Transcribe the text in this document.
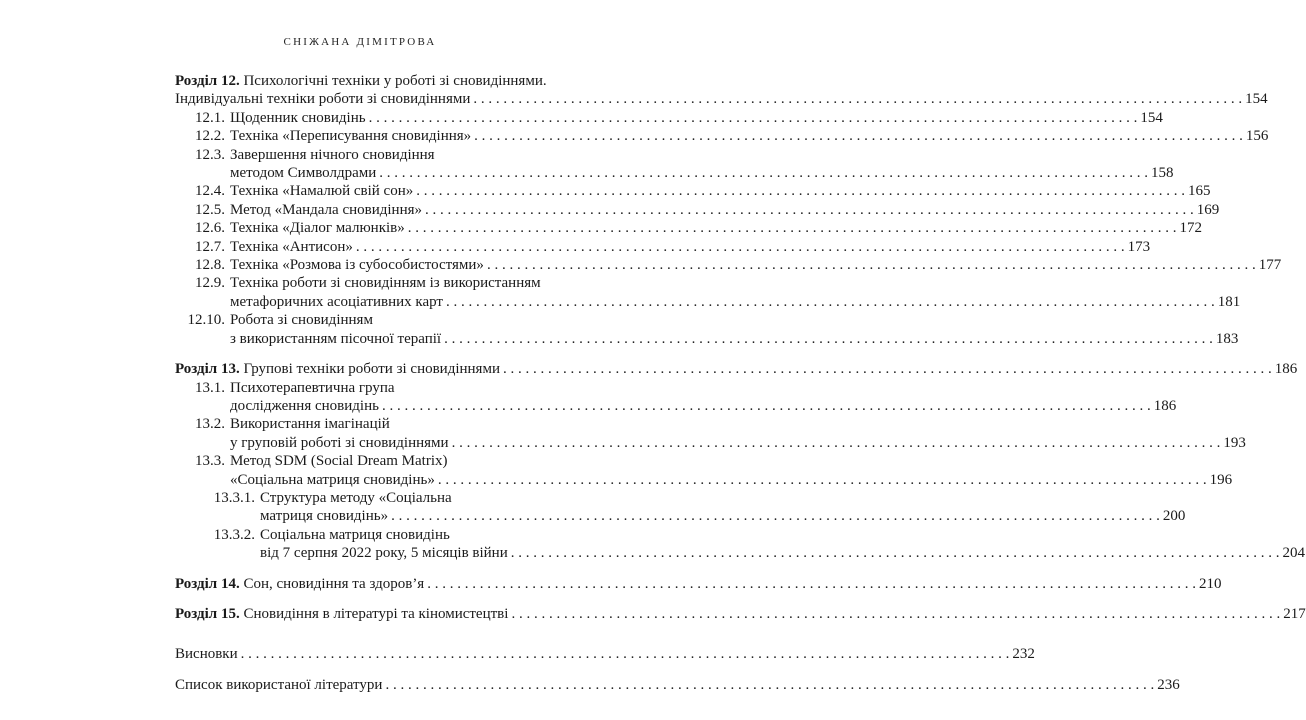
СНІЖАНА ДІМІТРОВА
Розділ 12. Психологічні техніки у роботі зі сновидіннями.
Індивідуальні техніки роботи зі сновидіннями . . .	154
12.1. Щоденник сновидінь . . .	154
12.2. Техніка «Переписування сновидіння» . . .	156
12.3. Завершення нічного сновидіння
методом Символдрами . . .	158
12.4. Техніка «Намалюй свій сон» . . .	165
12.5. Метод «Мандала сновидіння» . . .	169
12.6. Техніка «Діалог малюнків» . . .	172
12.7. Техніка «Антисон» . . .	173
12.8. Техніка «Розмова із субособистостями» . . .	177
12.9. Техніка роботи зі сновидінням із використанням
метафоричних асоціативних карт . . .	181
12.10. Робота зі сновидінням
з використанням пісочної терапії . . .	183
Розділ 13. Групові техніки роботи зі сновидіннями . . .	186
13.1. Психотерапевтична група
дослідження сновидінь . . .	186
13.2. Використання імагінацій
у груповій роботі зі сновидіннями . . .	193
13.3. Метод SDM (Social Dream Matrix)
«Соціальна матриця сновидінь» . . .	196
13.3.1. Структура методу «Соціальна
матриця сновидінь» . . .	200
13.3.2. Соціальна матриця сновидінь
від 7 серпня 2022 року, 5 місяців війни . . .	204
Розділ 14. Сон, сновидіння та здоров’я . . .	210
Розділ 15. Сновидіння в літературі та кіномистецтві . . .	217
Висновки . . .	232
Список використаної літератури . . .	236
